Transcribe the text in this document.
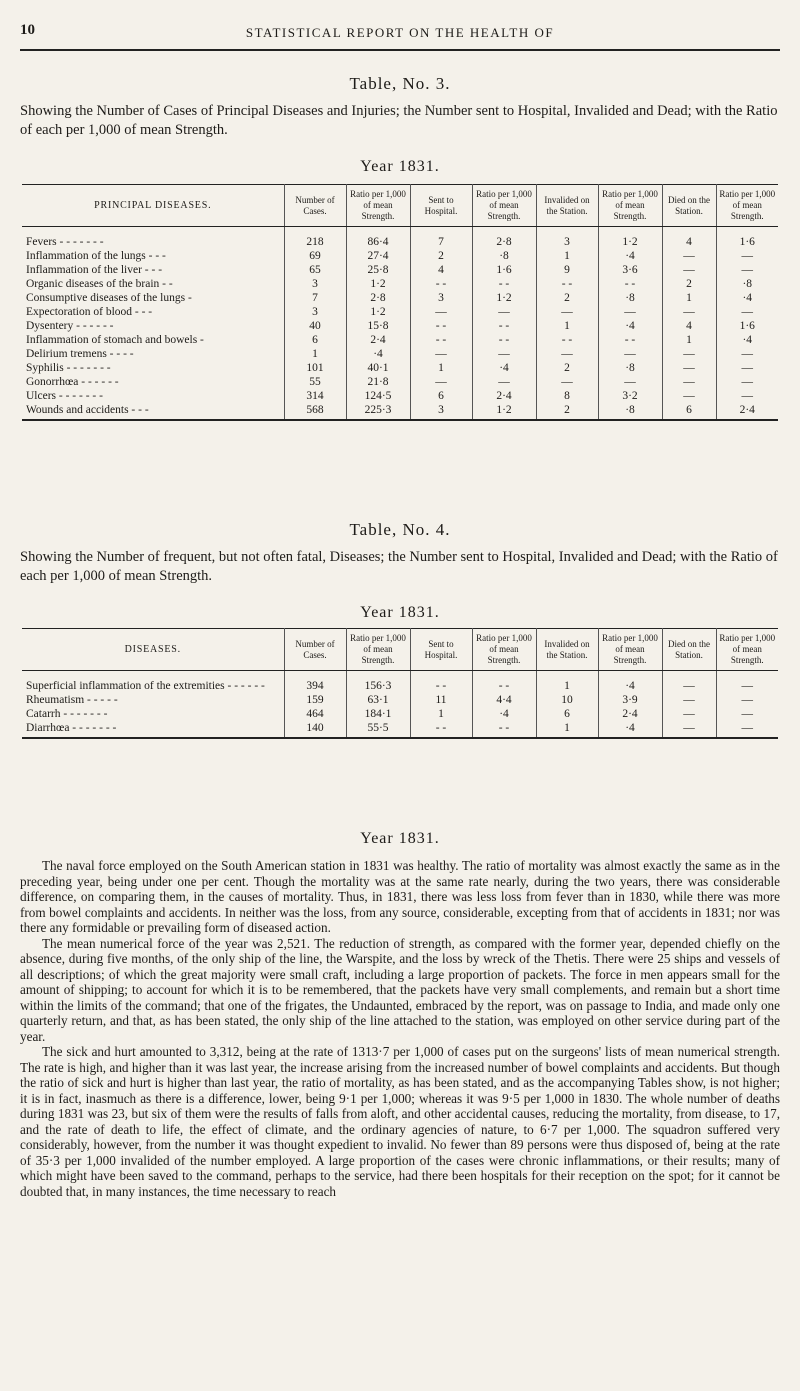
10	STATISTICAL REPORT ON THE HEALTH OF
Table, No. 3.
Showing the Number of Cases of Principal Diseases and Injuries; the Number sent to Hospital, Invalided and Dead; with the Ratio of each per 1,000 of mean Strength.
Year 1831.
PRINCIPAL DISEASES.	Number of Cases.	Ratio per 1,000 of mean Strength.	Sent to Hospital.	Ratio per 1,000 of mean Strength.	Invalided on the Station.	Ratio per 1,000 of mean Strength.	Died on the Station.	Ratio per 1,000 of mean Strength.
Fevers - - - - - - -	218	86·4	7	2·8	3	1·2	4	1·6
Inflammation of the lungs - - -	69	27·4	2	·8	1	·4	—	—
Inflammation of the liver - - -	65	25·8	4	1·6	9	3·6	—	—
Organic diseases of the brain - -	3	1·2	- -	- -	- -	- -	2	·8
Consumptive diseases of the lungs -	7	2·8	3	1·2	2	·8	1	·4
Expectoration of blood - - -	3	1·2	—	—	—	—	—	—
Dysentery - - - - - -	40	15·8	- -	- -	1	·4	4	1·6
Inflammation of stomach and bowels -	6	2·4	- -	- -	- -	- -	1	·4
Delirium tremens - - - -	1	·4	—	—	—	—	—	—
Syphilis - - - - - - -	101	40·1	1	·4	2	·8	—	—
Gonorrhœa - - - - - -	55	21·8	—	—	—	—	—	—
Ulcers - - - - - - -	314	124·5	6	2·4	8	3·2	—	—
Wounds and accidents - - -	568	225·3	3	1·2	2	·8	6	2·4
Table, No. 4.
Showing the Number of frequent, but not often fatal, Diseases; the Number sent to Hospital, Invalided and Dead; with the Ratio of each per 1,000 of mean Strength.
Year 1831.
DISEASES.	Number of Cases.	Ratio per 1,000 of mean Strength.	Sent to Hospital.	Ratio per 1,000 of mean Strength.	Invalided on the Station.	Ratio per 1,000 of mean Strength.	Died on the Station.	Ratio per 1,000 of mean Strength.
Superficial inflammation of the extremities - - - - - -	394	156·3	- -	- -	1	·4	—	—
Rheumatism - - - - -	159	63·1	11	4·4	10	3·9	—	—
Catarrh - - - - - - -	464	184·1	1	·4	6	2·4	—	—
Diarrhœa - - - - - - -	140	55·5	- -	- -	1	·4	—	—
Year 1831.

The naval force employed on the South American station in 1831 was healthy. The ratio of mortality was almost exactly the same as in the preceding year, being under one per cent. Though the mortality was at the same rate nearly, during the two years, there was considerable difference, on comparing them, in the causes of mortality. Thus, in 1831, there was less loss from fever than in 1830, while there was more from bowel complaints and accidents. In neither was the loss, from any source, considerable, excepting from that of accidents in 1831; nor was there any formidable or prevailing form of diseased action.

The mean numerical force of the year was 2,521. The reduction of strength, as compared with the former year, depended chiefly on the absence, during five months, of the only ship of the line, the Warspite, and the loss by wreck of the Thetis. There were 25 ships and vessels of all descriptions; of which the great majority were small craft, including a large proportion of packets. The force in men appears small for the amount of shipping; to account for which it is to be remembered, that the packets have very small complements, and remain but a short time within the limits of the command; that one of the frigates, the Undaunted, embraced by the report, was on passage to India, and made only one quarterly return, and that, as has been stated, the only ship of the line attached to the station, was employed on other service during part of the year.

The sick and hurt amounted to 3,312, being at the rate of 1313·7 per 1,000 of cases put on the surgeons' lists of mean numerical strength. The rate is high, and higher than it was last year, the increase arising from the increased number of bowel complaints and accidents. But though the ratio of sick and hurt is higher than last year, the ratio of mortality, as has been stated, and as the accompanying Tables show, is not higher; it is in fact, inasmuch as there is a difference, lower, being 9·1 per 1,000; whereas it was 9·5 per 1,000 in 1830. The whole number of deaths during 1831 was 23, but six of them were the results of falls from aloft, and other accidental causes, reducing the mortality, from disease, to 17, and the rate of death to life, the effect of climate, and the ordinary agencies of nature, to 6·7 per 1,000. The squadron suffered very considerably, however, from the number it was thought expedient to invalid. No fewer than 89 persons were thus disposed of, being at the rate of 35·3 per 1,000 invalided of the number employed. A large proportion of the cases were chronic inflammations, or their results; many of which might have been saved to the command, perhaps to the service, had there been hospitals for their reception on the spot; for it cannot be doubted that, in many instances, the time necessary to reach
